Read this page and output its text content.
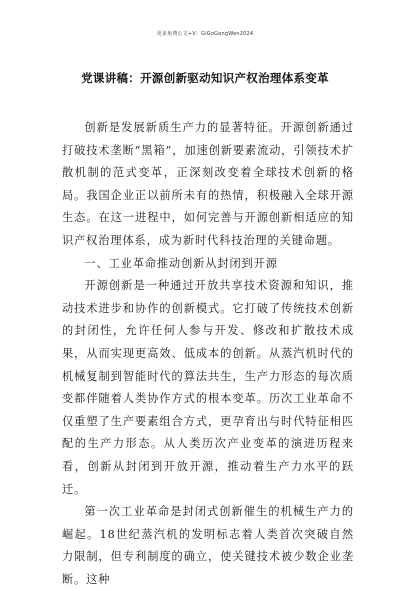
更多免费公文+V：GiGoGongWen2024
党课讲稿：开源创新驱动知识产权治理体系变革

创新是发展新质生产力的显著特征。开源创新通过打破技术垄断“黑箱”，加速创新要素流动，引领技术扩散机制的范式变革，正深刻改变着全球技术创新的格局。我国企业正以前所未有的热情，积极融入全球开源生态。在这一进程中，如何完善与开源创新相适应的知识产权治理体系，成为新时代科技治理的关键命题。

一、工业革命推动创新从封闭到开源

开源创新是一种通过开放共享技术资源和知识，推动技术进步和协作的创新模式。它打破了传统技术创新的封闭性，允许任何人参与开发、修改和扩散技术成果，从而实现更高效、低成本的创新。从蒸汽机时代的机械复制到智能时代的算法共生，生产力形态的每次质变都伴随着人类协作方式的根本变革。历次工业革命不仅重塑了生产要素组合方式，更孕育出与时代特征相匹配的生产力形态。从人类历次产业变革的演进历程来看，创新从封闭到开放开源，推动着生产力水平的跃迁。

第一次工业革命是封闭式创新催生的机械生产力的崛起。18世纪蒸汽机的发明标志着人类首次突破自然力限制，但专利制度的确立，使关键技术被少数企业垄断。这种
